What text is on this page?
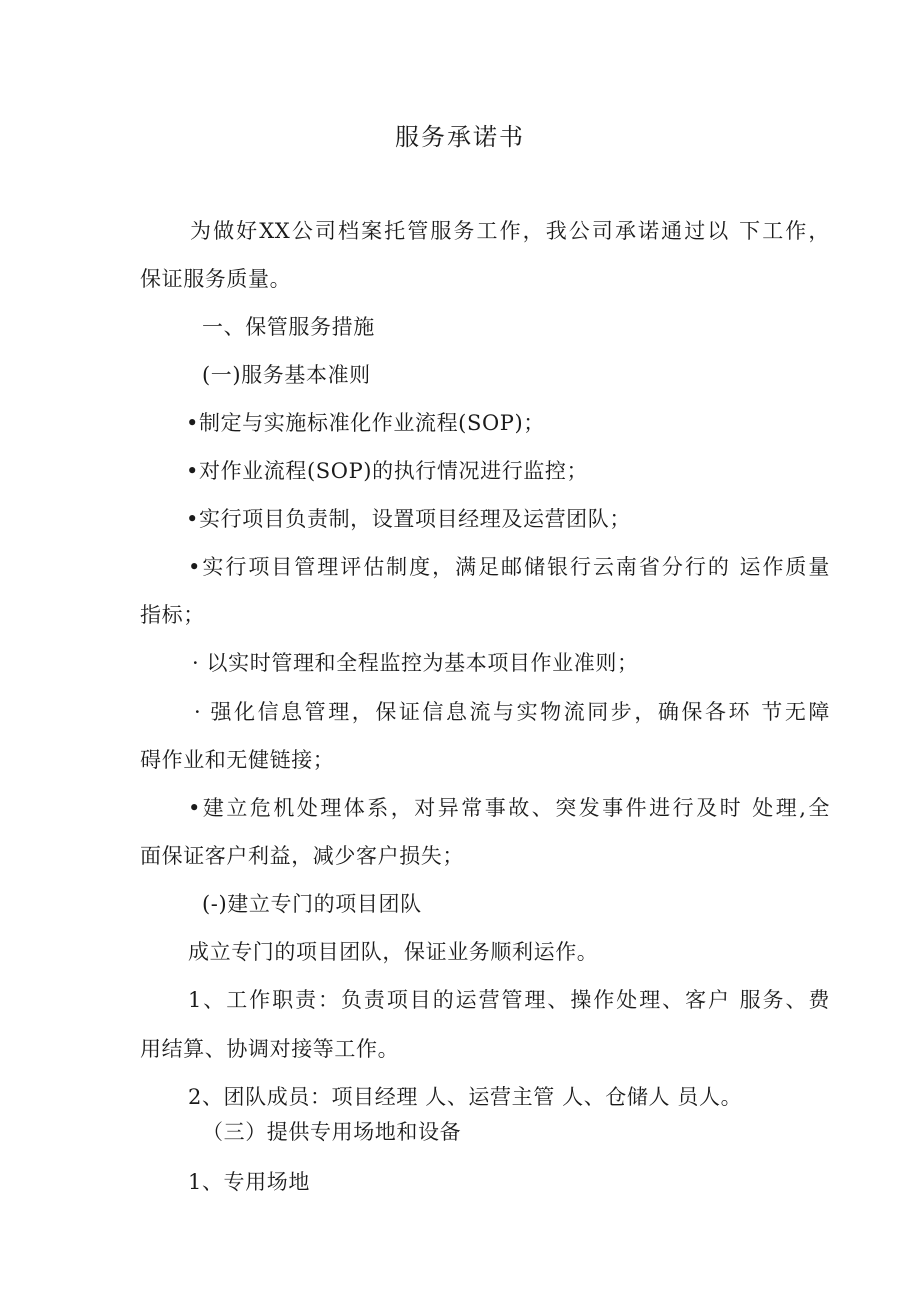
服务承诺书
为做好XX公司档案托管服务工作，我公司承诺通过以 下工作，
保证服务质量。
一、保管服务措施
(一)服务基本准则
•制定与实施标准化作业流程(SOP)；
•对作业流程(SOP)的执行情况进行监控；
•实行项目负责制，设置项目经理及运营团队；
•实行项目管理评估制度，满足邮储银行云南省分行的 运作质量
指标；
· 以实时管理和全程监控为基本项目作业准则；
· 强化信息管理，保证信息流与实物流同步，确保各环 节无障
碍作业和无健链接；
•建立危机处理体系，对异常事故、突发事件进行及时 处理,全
面保证客户利益，减少客户损失；
(-)建立专门的项目团队
成立专门的项目团队，保证业务顺利运作。
1、工作职责：负责项目的运营管理、操作处理、客户 服务、费
用结算、协调对接等工作。
2、团队成员：项目经理 人、运营主管 人、仓储人 员人。
（三）提供专用场地和设备
1、专用场地
